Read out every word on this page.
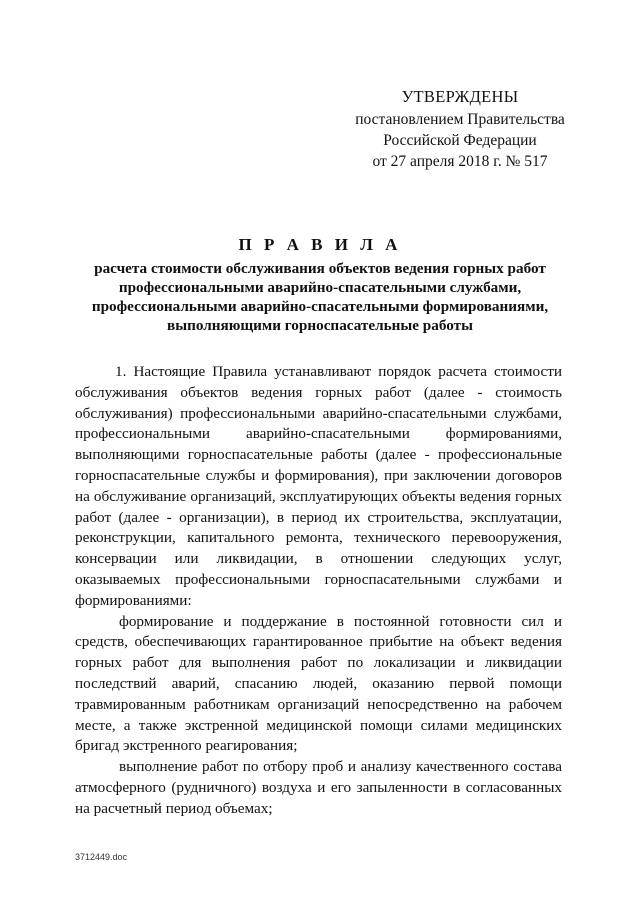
УТВЕРЖДЕНЫ
постановлением Правительства
Российской Федерации
от 27 апреля 2018 г. № 517
П Р А В И Л А
расчета стоимости обслуживания объектов ведения горных работ
профессиональными аварийно-спасательными службами,
профессиональными аварийно-спасательными формированиями,
выполняющими горноспасательные работы

1. Настоящие Правила устанавливают порядок расчета стоимости обслуживания объектов ведения горных работ (далее - стоимость обслуживания) профессиональными аварийно-спасательными службами, профессиональными аварийно-спасательными формированиями, выполняющими горноспасательные работы (далее - профессиональные горноспасательные службы и формирования), при заключении договоров на обслуживание организаций, эксплуатирующих объекты ведения горных работ (далее - организации), в период их строительства, эксплуатации, реконструкции, капитального ремонта, технического перевооружения, консервации или ликвидации, в отношении следующих услуг, оказываемых профессиональными горноспасательными службами и формированиями:

формирование и поддержание в постоянной готовности сил и средств, обеспечивающих гарантированное прибытие на объект ведения горных работ для выполнения работ по локализации и ликвидации последствий аварий, спасанию людей, оказанию первой помощи травмированным работникам организаций непосредственно на рабочем месте, а также экстренной медицинской помощи силами медицинских бригад экстренного реагирования;

выполнение работ по отбору проб и анализу качественного состава атмосферного (рудничного) воздуха и его запыленности в согласованных на расчетный период объемах;

3712449.doc
